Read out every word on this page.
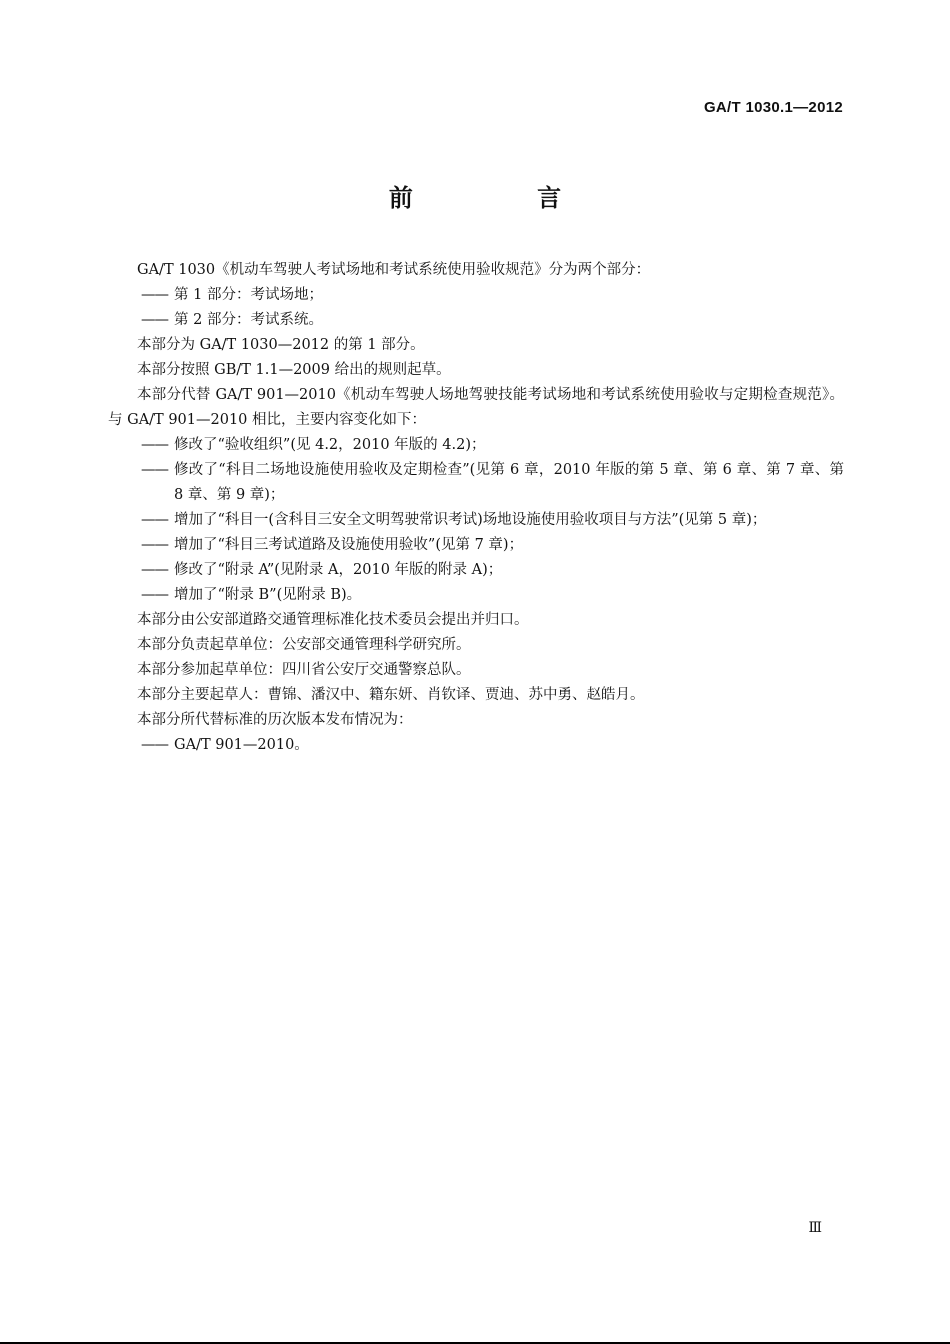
GA/T 1030.1—2012
前 言

GA/T 1030《机动车驾驶人考试场地和考试系统使用验收规范》分为两个部分：

—— 第 1 部分：考试场地；

—— 第 2 部分：考试系统。

本部分为 GA/T 1030—2012 的第 1 部分。

本部分按照 GB/T 1.1—2009 给出的规则起草。

本部分代替 GA/T 901—2010《机动车驾驶人场地驾驶技能考试场地和考试系统使用验收与定期检查规范》。与 GA/T 901—2010 相比，主要内容变化如下：

—— 修改了“验收组织”(见 4.2，2010 年版的 4.2)；

—— 修改了“科目二场地设施使用验收及定期检查”(见第 6 章，2010 年版的第 5 章、第 6 章、第 7 章、第 8 章、第 9 章)；

—— 增加了“科目一(含科目三安全文明驾驶常识考试)场地设施使用验收项目与方法”(见第 5 章)；

—— 增加了“科目三考试道路及设施使用验收”(见第 7 章)；

—— 修改了“附录 A”(见附录 A，2010 年版的附录 A)；

—— 增加了“附录 B”(见附录 B)。

本部分由公安部道路交通管理标准化技术委员会提出并归口。

本部分负责起草单位：公安部交通管理科学研究所。

本部分参加起草单位：四川省公安厅交通警察总队。

本部分主要起草人：曹锦、潘汉中、籍东妍、肖钦译、贾迪、苏中勇、赵皓月。

本部分所代替标准的历次版本发布情况为：

—— GA/T 901—2010。

Ⅲ
